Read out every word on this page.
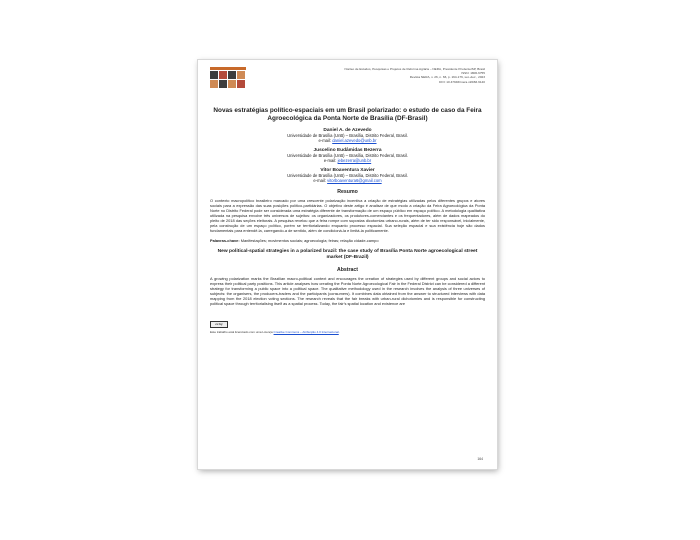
Núcleo de Estudos, Pesquisas e Projetos de Reforma Agrária – NERA, Presidente Prudente/SP, Brasil
ISSN: 1806-6755
Revista NERA, v. 26, n. 66, p. 164-176, set.-dez., 2023
DOI: 10.47946/rnera.v26i66.9140
Novas estratégias político-espaciais em um Brasil polarizado: o estudo de caso da Feira Agroecológica da Ponta Norte de Brasília (DF-Brasil)
Daniel A. de Azevedo
Universidade de Brasília (UnB) – Brasília, Distrito Federal, Brasil.
e-mail: daniel.azevedo@unb.br
Juscelino Eudâmidas Bezerra
Universidade de Brasília (UnB) – Brasília, Distrito Federal, Brasil.
e-mail: jebezerra@unb.br
Vitor Boaventura Xavier
Universidade de Brasília (UnB) – Brasília, Distrito Federal, Brasil.
e-mail: vitorboaventura6@gmail.com
Resumo

O contexto macropolítico brasileiro marcado por uma crescente polarização incentiva a criação de estratégias utilizadas pelos diferentes grupos e atores sociais para a expressão das suas posições político-partidárias. O objetivo deste artigo é analisar de que modo a criação da Feira Agroecológica da Ponta Norte no Distrito Federal pode ser considerada uma estratégia diferente de transformação de um espaço público em espaço político. A metodologia qualitativa utilizada na pesquisa envolve três universos de sujeitos: os organizadores, os produtores-comerciantes e os frequentadores, além de dados mapeados do pleito de 2018 das seções eleitorais. A pesquisa revelou que a feira rompe com supostas dicotomias urbano-rurais, além de ter sido responsável, inicialmente, pela construção de um espaço político, porém se territorializando enquanto processo espacial. Sua seleção espacial e sua existência hoje são dados fundamentais para entendê-la, carregando-a de sentido, além de condicioná-la e limitá-la politicamente.

Palavras-chave: Manifestações; movimentos sociais; agroecologia; feiras; relação cidade-campo

New political-spatial strategies in a polarized brazil: the case study of Brasília Ponta Norte agroecological street market (DF-Brazil)
Abstract

A growing polarization marks the Brazilian macro-political context and encourages the creation of strategies used by different groups and social actors to express their political party positions. This article analyses how creating the Ponta Norte Agroecological Fair in the Federal District can be considered a different strategy for transforming a public space into a political space. The qualitative methodology used in the research involves the analysis of three universes of subjects: the organisers, the producers-traders and the participants (consumers). It combines data obtained from the answer to structured interviews with data mapping from the 2018 election voting sections. The research reveals that the fair breaks with urban-rural dichotomies and is responsible for constructing political space through territorialising itself as a spatial process. Today, the fair's spatial location and existence are

cc by
Este trabalho está licenciado com uma Licença Creative Commons – Atribuição 4.0 Internacional.
164
